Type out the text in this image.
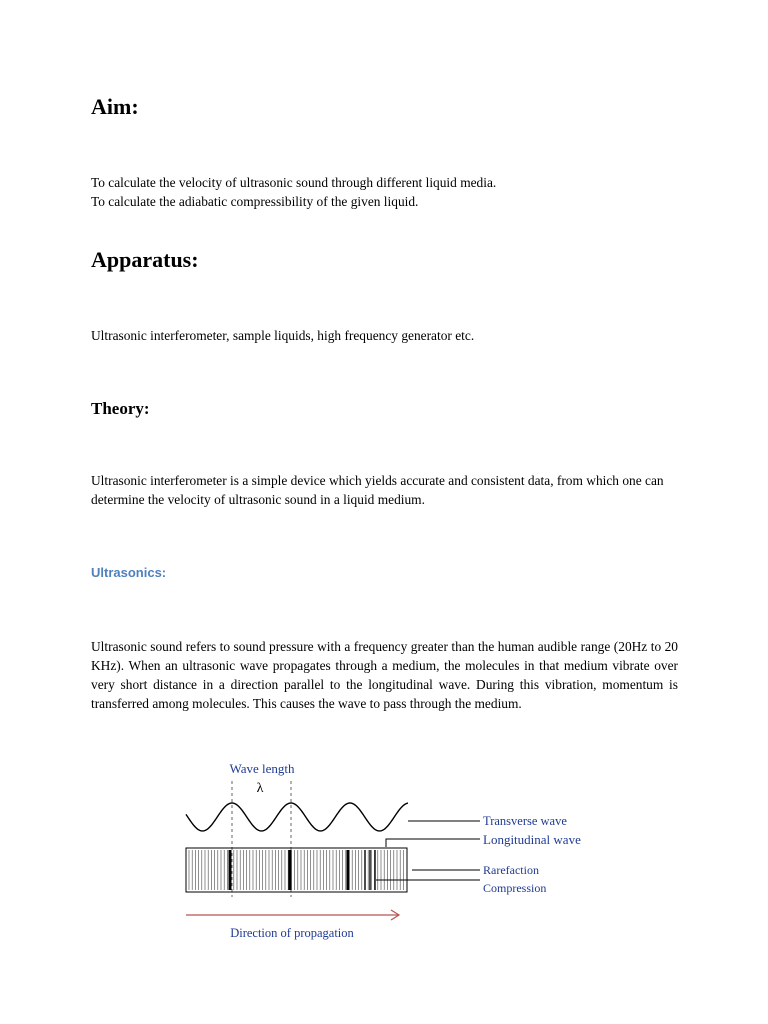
Aim:

To calculate the velocity of ultrasonic sound through different liquid media.
To calculate the adiabatic compressibility of the given liquid.

Apparatus:

Ultrasonic interferometer, sample liquids, high frequency generator etc.

Theory:

Ultrasonic interferometer is a simple device which yields accurate and consistent data, from which one can determine the velocity of ultrasonic sound in a liquid medium.

Ultrasonics:

Ultrasonic sound refers to sound pressure with a frequency greater than the human audible range (20Hz to 20 KHz). When an ultrasonic wave propagates through a medium, the molecules in that medium vibrate over very short distance in a direction parallel to the longitudinal wave. During this vibration, momentum is transferred among molecules. This causes the wave to pass through the medium.

Wave length
λ
Transverse wave
Longitudinal wave
Rarefaction
Compression
Direction of propagation
